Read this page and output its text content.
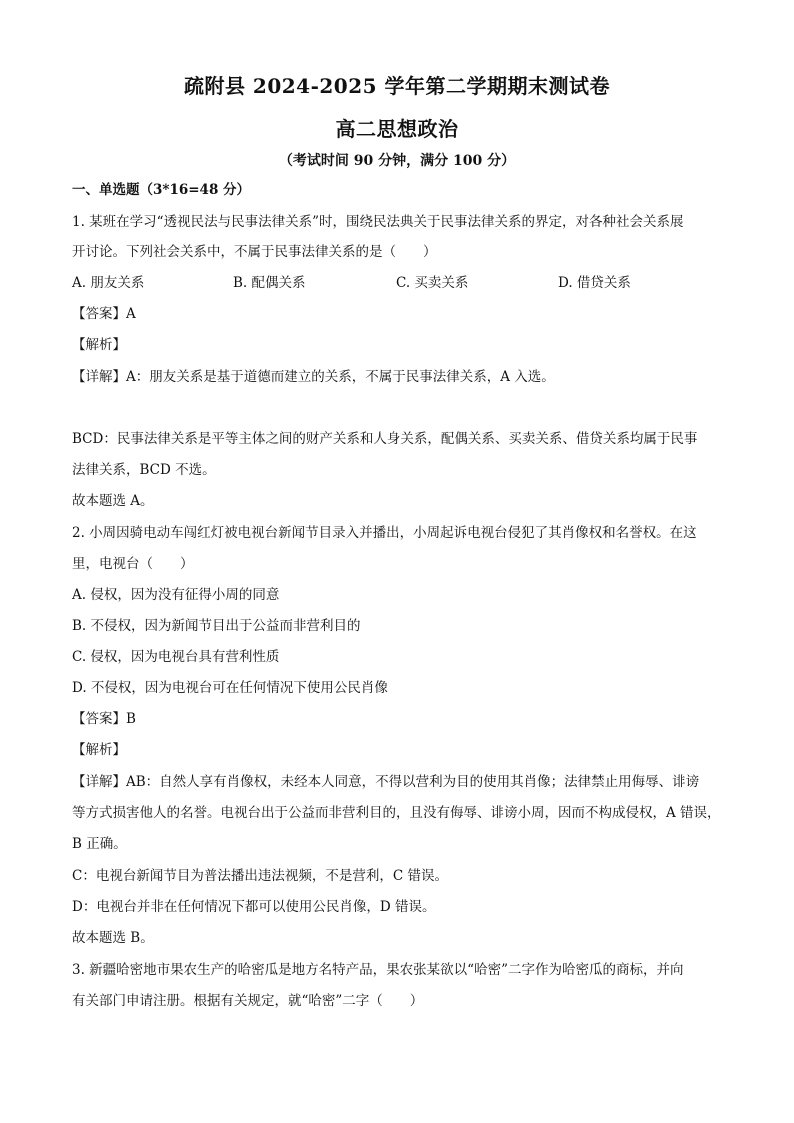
疏附县 2024-2025 学年第二学期期末测试卷
高二思想政治
（考试时间 90 分钟，满分 100 分）
一、单选题（3*16=48 分）
1. 某班在学习“透视民法与民事法律关系”时，围绕民法典关于民事法律关系的界定，对各种社会关系展
开讨论。下列社会关系中，不属于民事法律关系的是（　　）
A. 朋友关系	B. 配偶关系	C. 买卖关系	D. 借贷关系
【答案】A
【解析】
【详解】A：朋友关系是基于道德而建立的关系，不属于民事法律关系，A 入选。
BCD：民事法律关系是平等主体之间的财产关系和人身关系，配偶关系、买卖关系、借贷关系均属于民事
法律关系，BCD 不选。
故本题选 A。
2. 小周因骑电动车闯红灯被电视台新闻节目录入并播出，小周起诉电视台侵犯了其肖像权和名誉权。在这
里，电视台（　　）
A. 侵权，因为没有征得小周的同意
B. 不侵权，因为新闻节目出于公益而非营利目的
C. 侵权，因为电视台具有营利性质
D. 不侵权，因为电视台可在任何情况下使用公民肖像
【答案】B
【解析】
【详解】AB：自然人享有肖像权，未经本人同意，不得以营利为目的使用其肖像；法律禁止用侮辱、诽谤
等方式损害他人的名誉。电视台出于公益而非营利目的，且没有侮辱、诽谤小周，因而不构成侵权，A 错误，
B 正确。
C：电视台新闻节目为普法播出违法视频，不是营利，C 错误。
D：电视台并非在任何情况下都可以使用公民肖像，D 错误。
故本题选 B。
3. 新疆哈密地市果农生产的哈密瓜是地方名特产品，果农张某欲以“哈密”二字作为哈密瓜的商标，并向
有关部门申请注册。根据有关规定，就“哈密”二字（　　）
